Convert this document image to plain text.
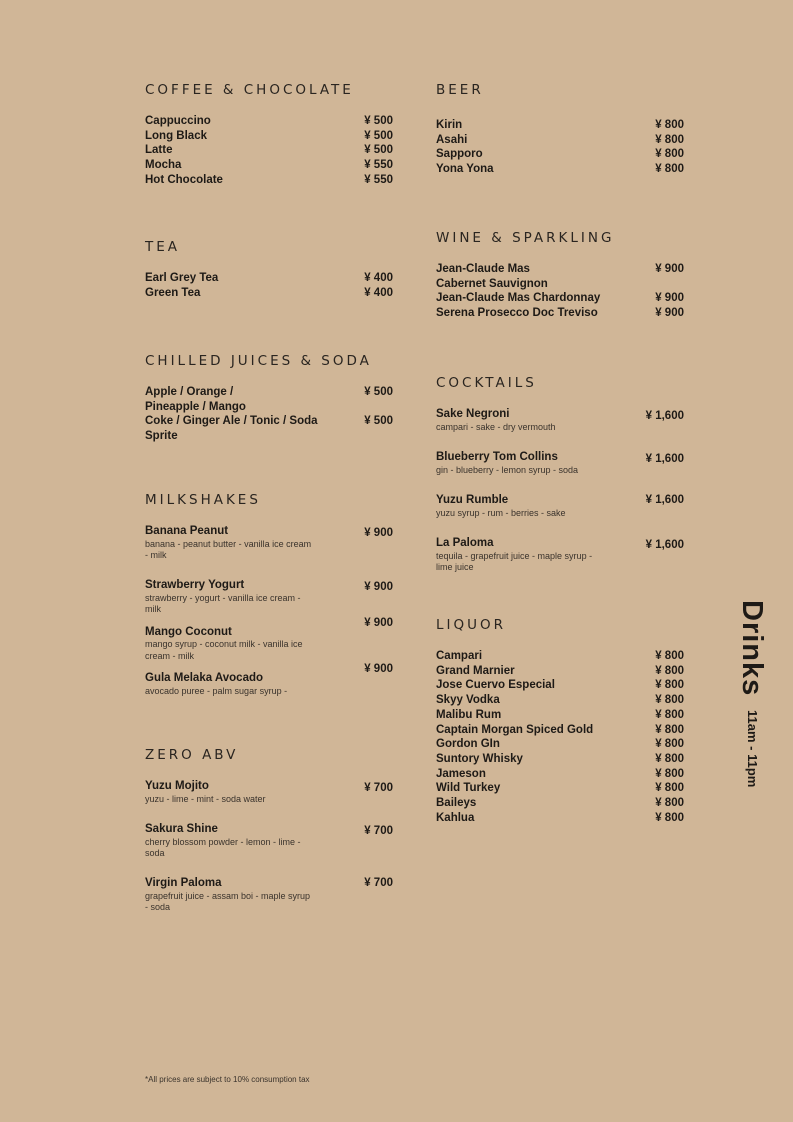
COFFEE & CHOCOLATE
Cappuccino	¥ 500
Long Black	¥ 500
Latte	¥ 500
Mocha	¥ 550
Hot Chocolate	¥ 550
TEA
Earl Grey Tea	¥ 400
Green Tea	¥ 400
CHILLED JUICES & SODA
Apple / Orange / Pineapple / Mango
¥ 500
Coke / Ginger Ale / Tonic / Soda Sprite
¥ 500
MILKSHAKES
Banana Peanut
banana - peanut butter - vanilla ice cream - milk
¥ 900
Strawberry Yogurt
strawberry - yogurt - vanilla ice cream - milk
¥ 900
Mango Coconut
mango syrup - coconut milk - vanilla ice cream - milk
¥ 900
Gula Melaka Avocado
avocado puree - palm sugar syrup -
¥ 900
ZERO ABV
Yuzu Mojito
yuzu - lime - mint - soda water
¥ 700
Sakura Shine
cherry blossom powder - lemon - lime - soda
¥ 700
Virgin Paloma
grapefruit juice - assam boi - maple syrup - soda
¥ 700
BEER
Kirin	¥ 800
Asahi	¥ 800
Sapporo	¥ 800
Yona Yona	¥ 800
WINE & SPARKLING
Jean-Claude Mas Cabernet Sauvignon
¥ 900
Jean-Claude Mas Chardonnay	¥ 900
Serena Prosecco Doc Treviso	¥ 900
COCKTAILS
Sake Negroni
campari - sake - dry vermouth
¥ 1,600
Blueberry Tom Collins
gin - blueberry - lemon syrup - soda
¥ 1,600
Yuzu Rumble
yuzu syrup - rum - berries - sake
¥ 1,600
La Paloma
tequila - grapefruit juice - maple syrup - lime juice
¥ 1,600
LIQUOR
Campari	¥ 800
Grand Marnier	¥ 800
Jose Cuervo Especial	¥ 800
Skyy Vodka	¥ 800
Malibu Rum	¥ 800
Captain Morgan Spiced Gold	¥ 800
Gordon GIn	¥ 800
Suntory Whisky	¥ 800
Jameson	¥ 800
Wild Turkey	¥ 800
Baileys	¥ 800
Kahlua	¥ 800
Drinks11am - 11pm
*All prices are subject to 10% consumption tax
